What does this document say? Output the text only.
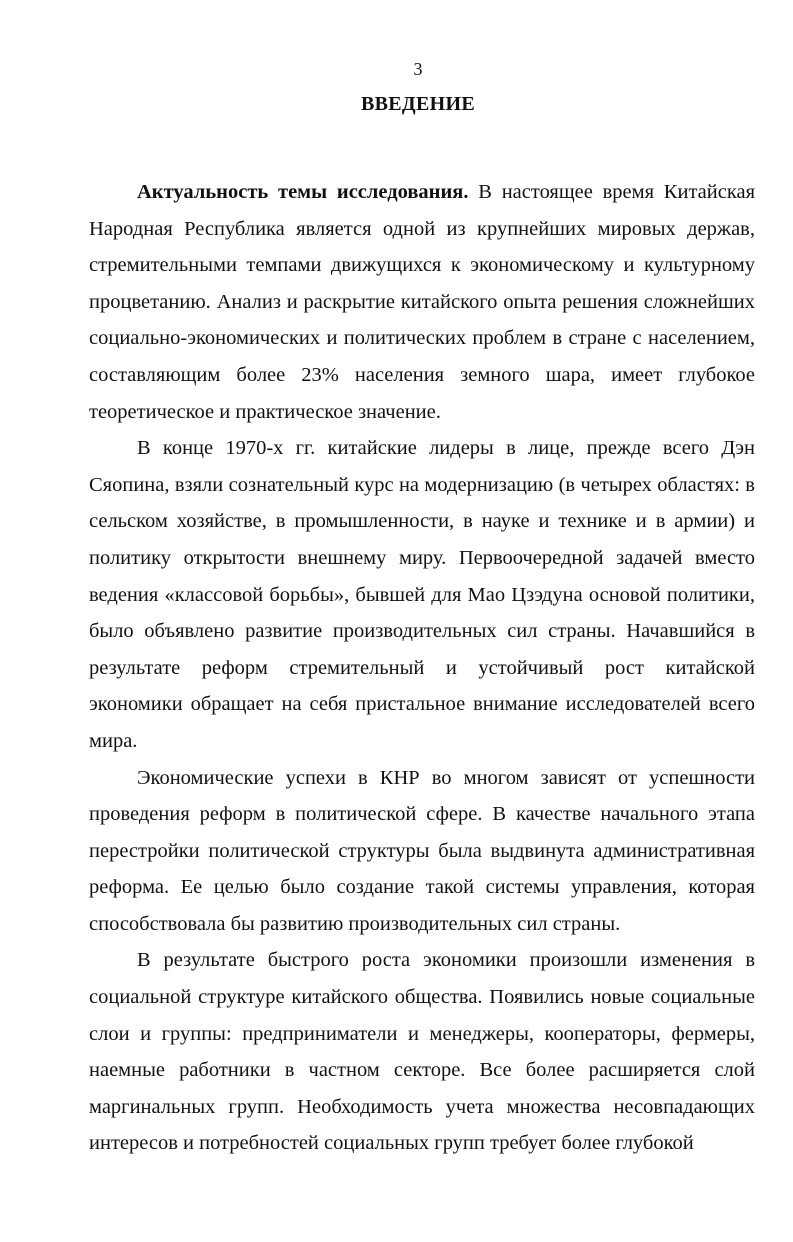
3
ВВЕДЕНИЕ

Актуальность темы исследования. В настоящее время Китайская Народная Республика является одной из крупнейших мировых держав, стремительными темпами движущихся к экономическому и культурному процветанию. Анализ и раскрытие китайского опыта решения сложнейших социально-экономических и политических проблем в стране с населением, составляющим более 23% населения земного шара, имеет глубокое теоретическое и практическое значение.

В конце 1970-х гг. китайские лидеры в лице, прежде всего Дэн Сяопина, взяли сознательный курс на модернизацию (в четырех областях: в сельском хозяйстве, в промышленности, в науке и технике и в армии) и политику открытости внешнему миру. Первоочередной задачей вместо ведения «классовой борьбы», бывшей для Мао Цзэдуна основой политики, было объявлено развитие производительных сил страны. Начавшийся в результате реформ стремительный и устойчивый рост китайской экономики обращает на себя пристальное внимание исследователей всего мира.

Экономические успехи в КНР во многом зависят от успешности проведения реформ в политической сфере. В качестве начального этапа перестройки политической структуры была выдвинута административная реформа. Ее целью было создание такой системы управления, которая способствовала бы развитию производительных сил страны.

В результате быстрого роста экономики произошли изменения в социальной структуре китайского общества. Появились новые социальные слои и группы: предприниматели и менеджеры, кооператоры, фермеры, наемные работники в частном секторе. Все более расширяется слой маргинальных групп. Необходимость учета множества несовпадающих интересов и потребностей социальных групп требует более глубокой
